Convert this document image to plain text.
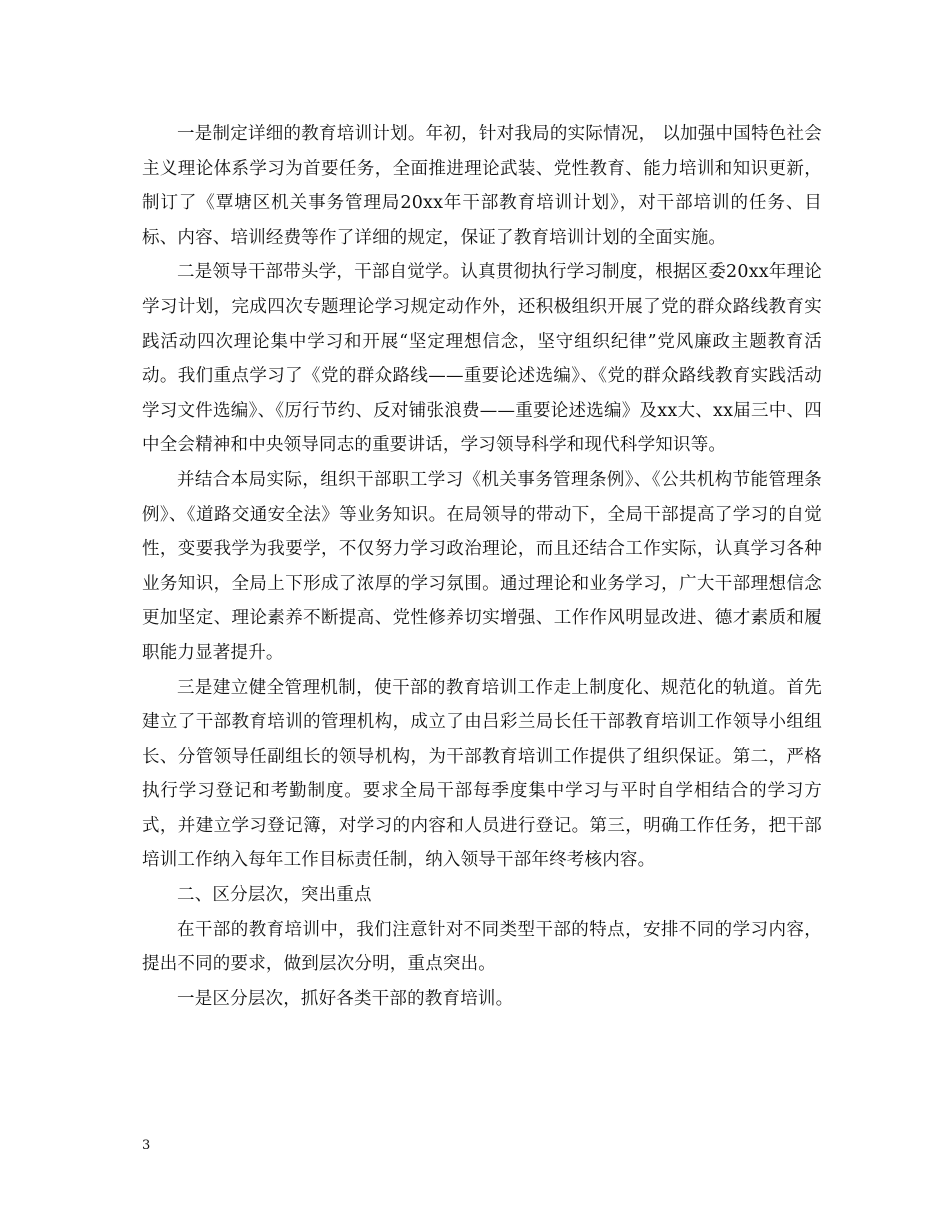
一是制定详细的教育培训计划。年初，针对我局的实际情况， 以加强中国特色社会主义理论体系学习为首要任务，全面推进理论武装、党性教育、能力培训和知识更新，制订了《覃塘区机关事务管理局20xx年干部教育培训计划》，对干部培训的任务、目标、内容、培训经费等作了详细的规定，保证了教育培训计划的全面实施。

二是领导干部带头学，干部自觉学。认真贯彻执行学习制度，根据区委20xx年理论学习计划，完成四次专题理论学习规定动作外，还积极组织开展了党的群众路线教育实践活动四次理论集中学习和开展“坚定理想信念，坚守组织纪律”党风廉政主题教育活动。我们重点学习了《党的群众路线——重要论述选编》、《党的群众路线教育实践活动学习文件选编》、《厉行节约、反对铺张浪费——重要论述选编》及xx大、xx届三中、四中全会精神和中央领导同志的重要讲话，学习领导科学和现代科学知识等。

并结合本局实际，组织干部职工学习《机关事务管理条例》、《公共机构节能管理条例》、《道路交通安全法》等业务知识。在局领导的带动下，全局干部提高了学习的自觉性，变要我学为我要学，不仅努力学习政治理论，而且还结合工作实际，认真学习各种业务知识，全局上下形成了浓厚的学习氛围。通过理论和业务学习，广大干部理想信念更加坚定、理论素养不断提高、党性修养切实增强、工作作风明显改进、德才素质和履职能力显著提升。

三是建立健全管理机制，使干部的教育培训工作走上制度化、规范化的轨道。首先建立了干部教育培训的管理机构，成立了由吕彩兰局长任干部教育培训工作领导小组组长、分管领导任副组长的领导机构，为干部教育培训工作提供了组织保证。第二，严格执行学习登记和考勤制度。要求全局干部每季度集中学习与平时自学相结合的学习方式，并建立学习登记簿，对学习的内容和人员进行登记。第三，明确工作任务，把干部培训工作纳入每年工作目标责任制，纳入领导干部年终考核内容。

二、区分层次，突出重点

在干部的教育培训中，我们注意针对不同类型干部的特点，安排不同的学习内容，提出不同的要求，做到层次分明，重点突出。

一是区分层次，抓好各类干部的教育培训。

3
